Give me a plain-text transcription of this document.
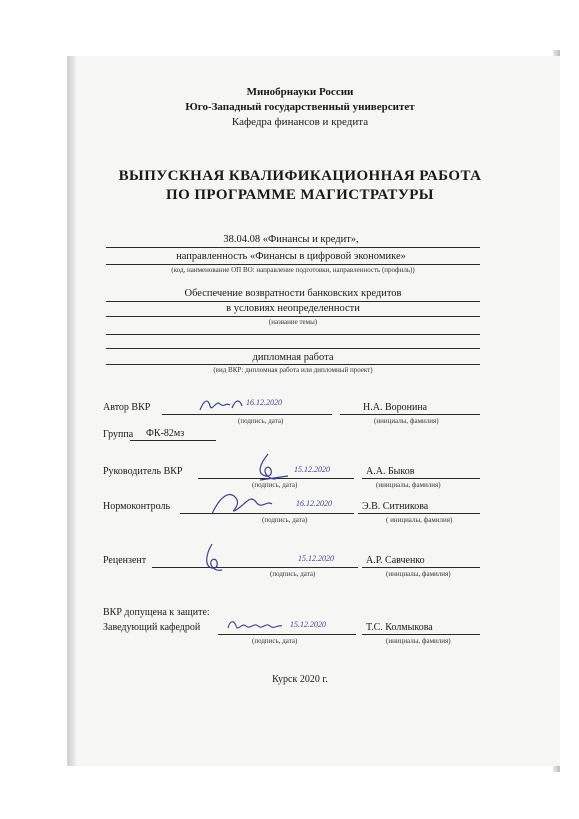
Минобрнауки России
Юго-Западный государственный университет
Кафедра финансов и кредита
ВЫПУСКНАЯ КВАЛИФИКАЦИОННАЯ РАБОТА
ПО ПРОГРАММЕ МАГИСТРАТУРЫ
38.04.08 «Финансы и кредит»,
направленность «Финансы в цифровой экономике»
(код, наименование ОП ВО: направление подготовки, направленность (профиль))
Обеспечение возвратности банковских кредитов
в условиях неопределенности
(название темы)
дипломная работа
(вид ВКР: дипломная работа или дипломный проект)
Автор ВКР	16.12.2020	Н.А. Воронина
(подпись, дата)	(инициалы, фамилия)
Группа ФК-82мз
Руководитель ВКР	15.12.2020	А.А. Быков
(подпись, дата)	(инициалы, фамилия)
Нормоконтроль	16.12.2020	Э.В. Ситникова
(подпись, дата)	( инициалы, фамилия)
Рецензент	15.12.2020	А.Р. Савченко
(подпись, дата)	(инициалы, фамилия)
ВКР допущена к защите:
Заведующий кафедрой	15.12.2020	Т.С. Колмыкова
(подпись, дата)	(инициалы, фамилия)
Курск 2020 г.
